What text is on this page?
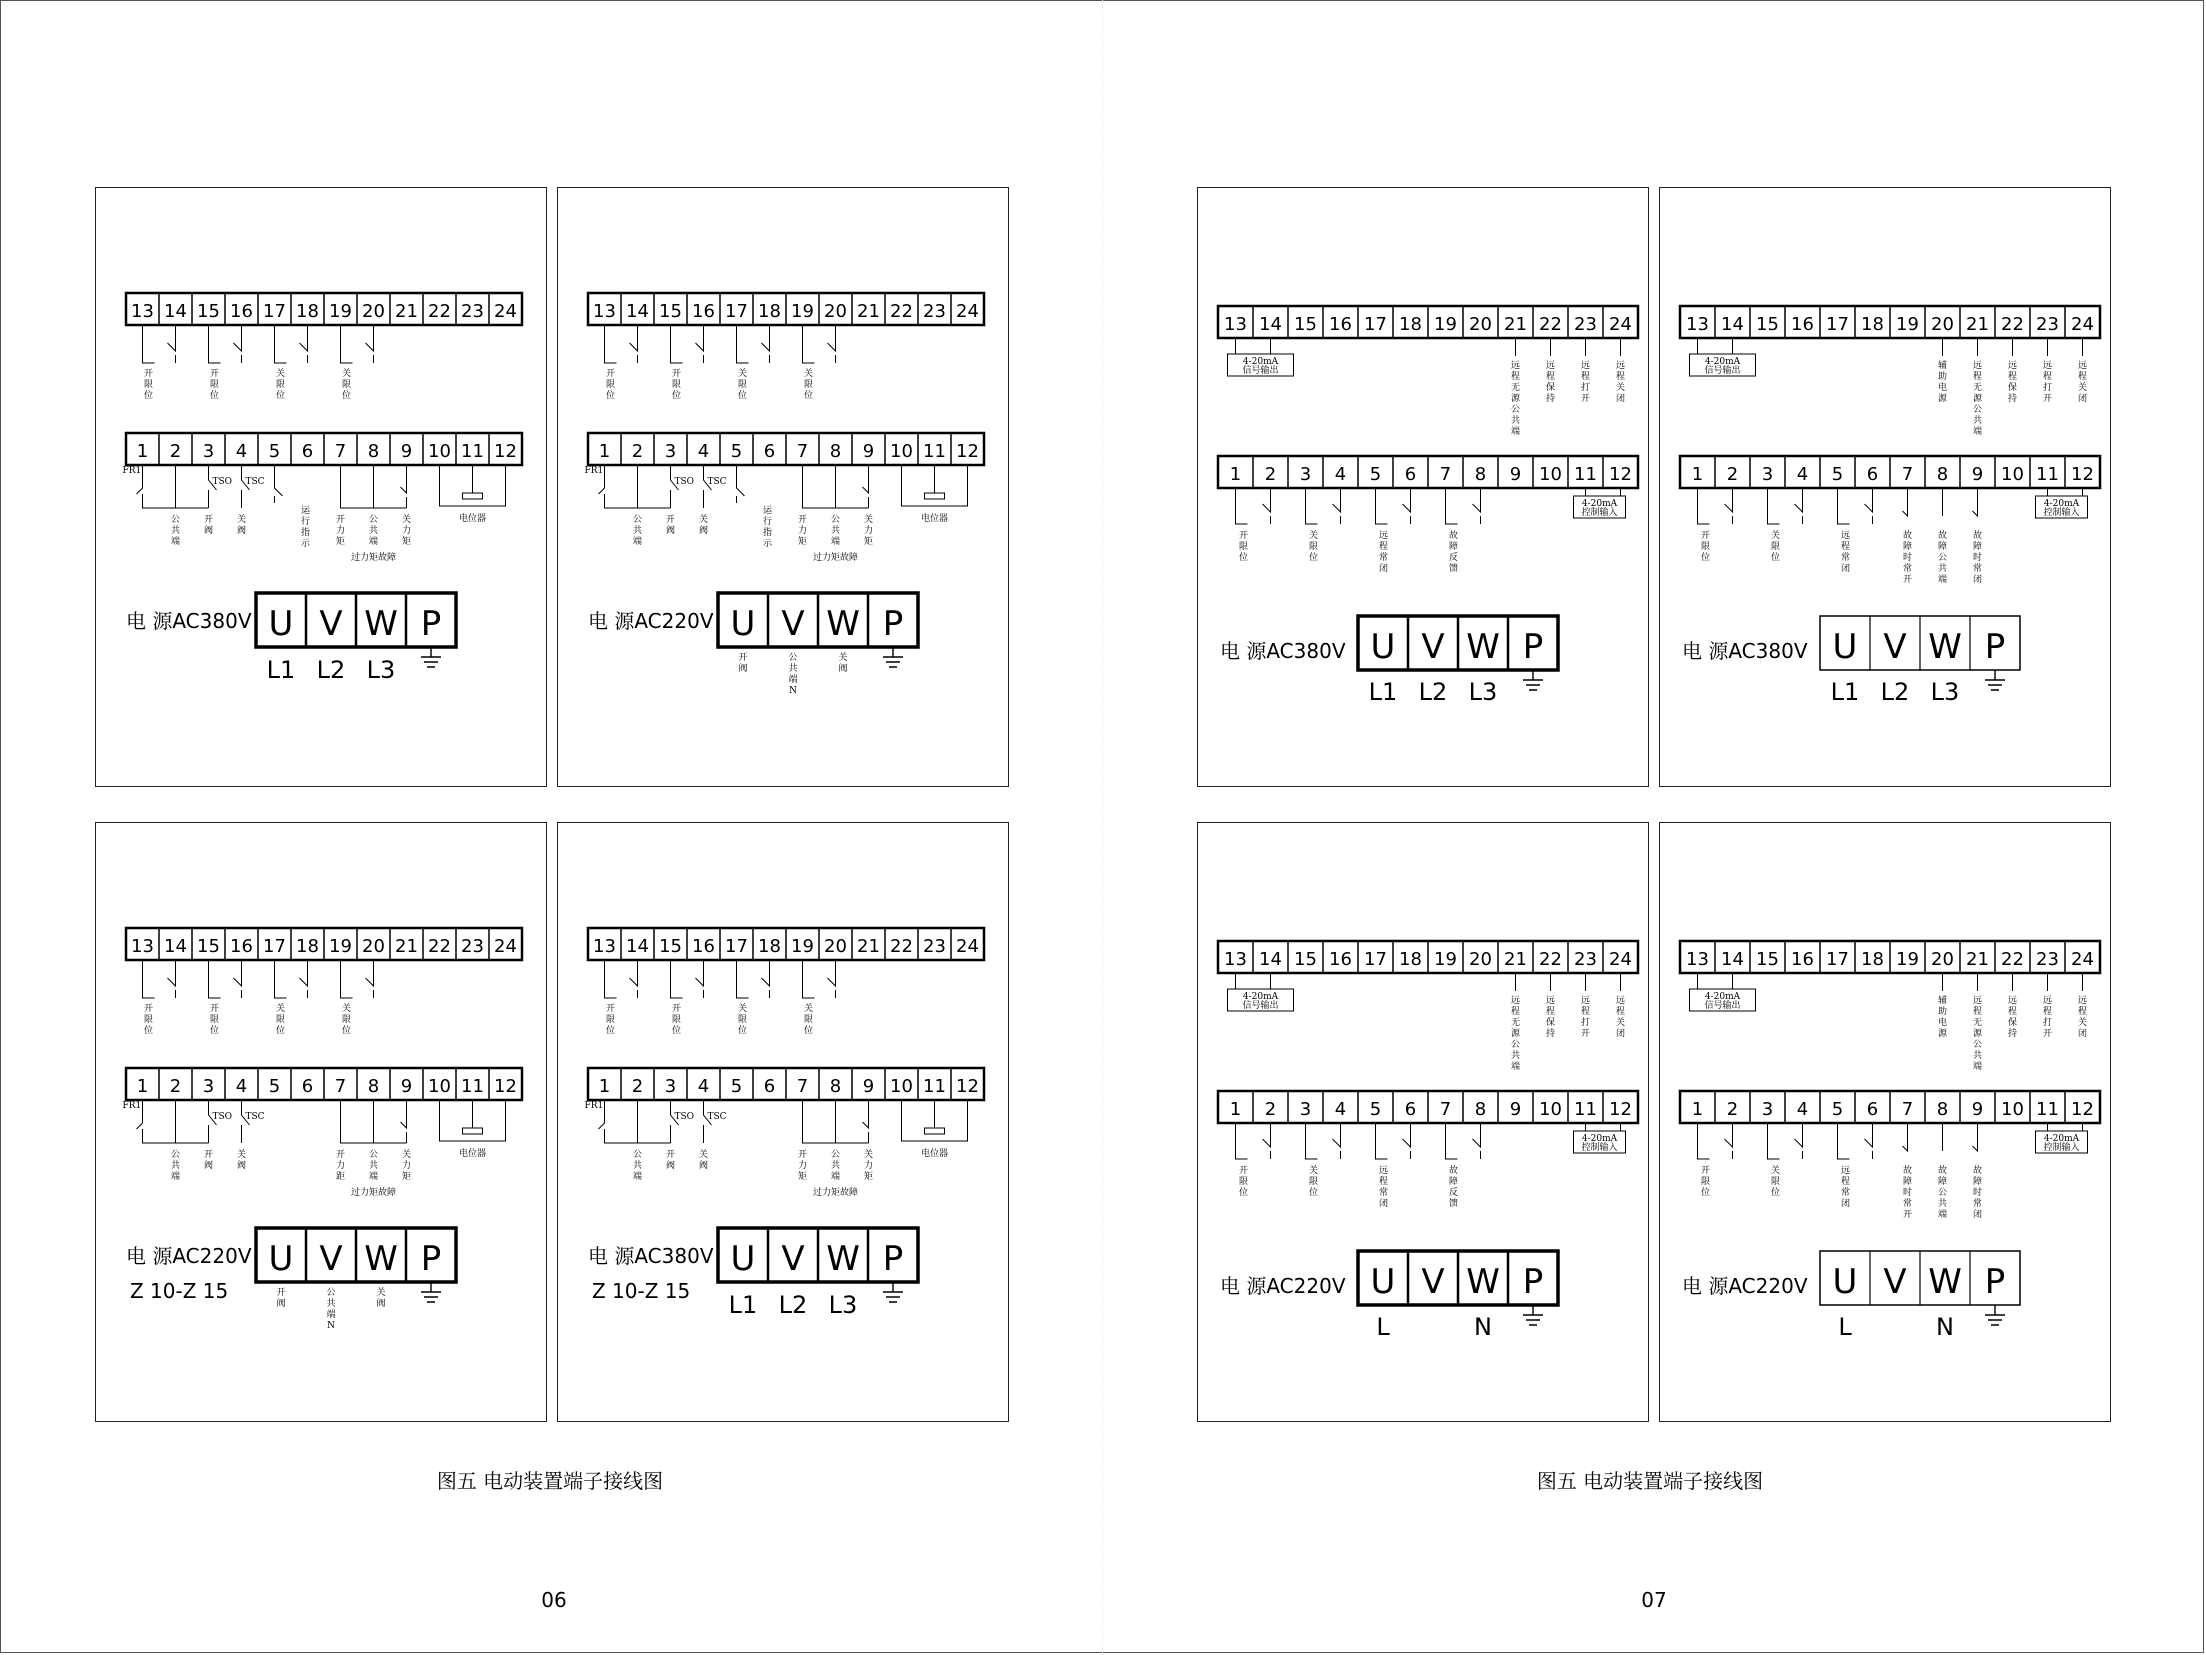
13 14 15 16 17 18 19 20 21 22 23 24
开限位
开限位
关限位
关限位
1 2 3 4 5 6 7 8 9 10 11 12
FR1
TSO TSC
公共端
开阀
关阀
运行指示
开力矩
公共端
关力矩
电位器
过力矩故障
电 源AC380V U V W P
L1 L2 L3
13 14 15 16 17 18 19 20 21 22 23 24
开限位
开限位
关限位
关限位
1 2 3 4 5 6 7 8 9 10 11 12
FR1
TSO TSC
公共端
开阀
关阀
运行指示
开力矩
公共端
关力矩
电位器
过力矩故障
电 源AC220V U V W P
开阀
公共端 N
关阀
13 14 15 16 17 18 19 20 21 22 23 24
开限位
开限位
关限位
关限位
1 2 3 4 5 6 7 8 9 10 11 12
FR1
TSO TSC
公共端
开阀
关阀
开力距
公共端
关力矩
电位器
过力矩故障
电 源AC220V
Z 10-Z 15
U V W P
开阀
公共端 N
关阀
13 14 15 16 17 18 19 20 21 22 23 24
开限位
开限位
关限位
关限位
1 2 3 4 5 6 7 8 9 10 11 12
FR1
TSO TSC
公共端
开阀
关阀
开力矩
公共端
关力矩
电位器
过力矩故障
电 源AC380V
Z 10-Z 15
U V W P
L1 L2 L3
13 14 15 16 17 18 19 20 21 22 23 24
4-20mA
信号输出	远程无源公共端
远程保持
远程打开
远程关闭
1 2 3 4 5 6 7 8 9 10 11 12
开限位
关限位
远程常闭
故障反馈
4-20mA
控制输入
电 源AC380V U V W P
L1 L2 L3
13 14 15 16 17 18 19 20 21 22 23 24
4-20mA
信号输出	辅助电源
远程无源公共端
远程保持
远程打开
远程关闭
1 2 3 4 5 6 7 8 9 10 11 12
开限位
关限位
远程常闭
故障时常开
故障公共端
故障时常闭
4-20mA
控制输入
电 源AC380V U V W P
L1 L2 L3
13 14 15 16 17 18 19 20 21 22 23 24
4-20mA
信号输出	远程无源公共端
远程保持
远程打开
远程关闭
1 2 3 4 5 6 7 8 9 10 11 12
开限位
关限位
远程常闭
故障反馈
4-20mA
控制输入
电 源AC220V U V W P
L	N
13 14 15 16 17 18 19 20 21 22 23 24
4-20mA
信号输出	辅助电源
远程无源公共端
远程保持
远程打开
远程关闭
1 2 3 4 5 6 7 8 9 10 11 12
开限位
关限位
远程常闭
故障时常开
故障公共端
故障时常闭
4-20mA
控制输入
电 源AC220V U V W P
L	N
图五 电动装置端子接线图	图五 电动装置端子接线图
06	07
